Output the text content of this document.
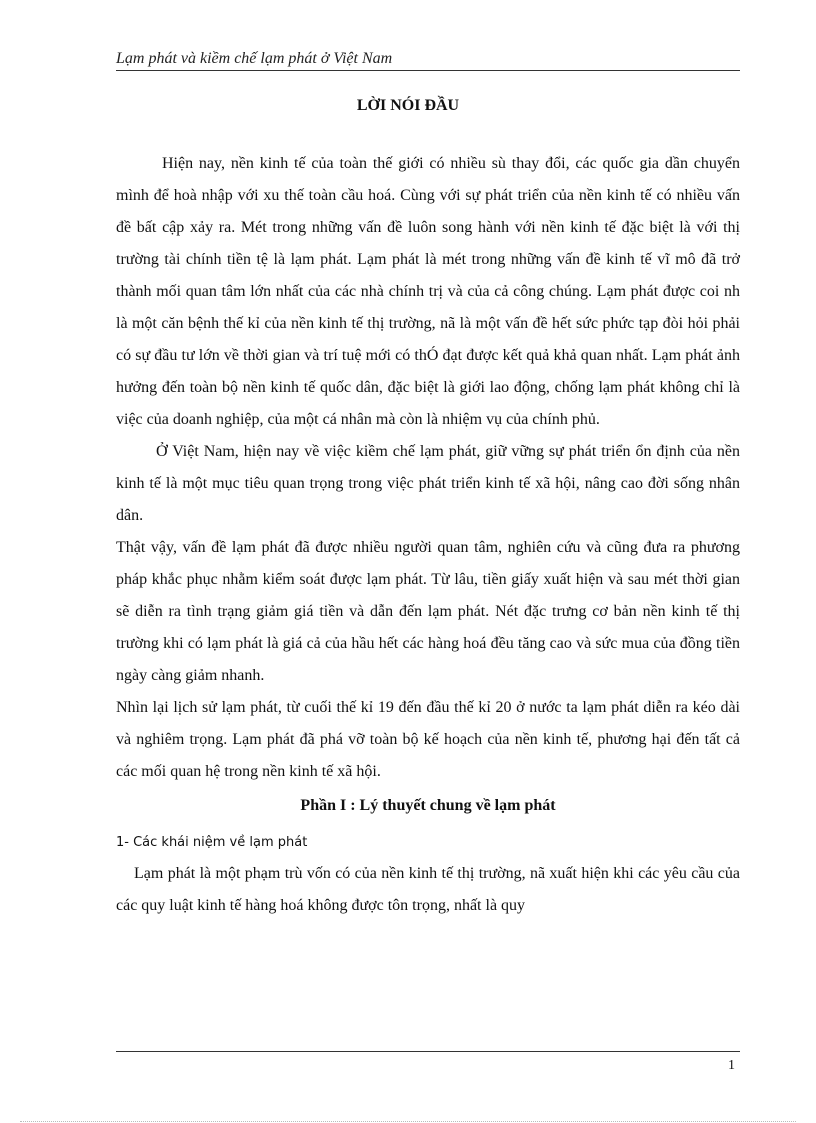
Lạm phát và kiềm chế lạm phát ở Việt Nam
LỜI NÓI ĐẦU

Hiện nay, nền kinh tế của toàn thế giới có nhiều sù thay đổi, các quốc gia dần chuyển mình để hoà nhập với xu thế toàn cầu hoá. Cùng với sự phát triển của nền kinh tế có nhiều vấn đề bất cập xảy ra. Mét trong những vấn đề luôn song hành với nền kinh tế đặc biệt là với thị trường tài chính tiền tệ là lạm phát. Lạm phát là mét trong những vấn đề kinh tế vĩ mô đã trở thành mối quan tâm lớn nhất của các nhà chính trị và của cả công chúng. Lạm phát được coi nh là một căn bệnh thế kỉ của nền kinh tế thị trường, nã là một vấn đề hết sức phức tạp đòi hỏi phải có sự đầu tư lớn về thời gian và trí tuệ mới có thÓ đạt được kết quả khả quan nhất. Lạm phát ảnh hưởng đến toàn bộ nền kinh tế quốc dân, đặc biệt là giới lao động, chống lạm phát không chỉ là việc của doanh nghiệp, của một cá nhân mà còn là nhiệm vụ của chính phủ.

Ở Việt Nam, hiện nay về việc kiềm chế lạm phát, giữ vững sự phát triển ổn định của nền kinh tế là một mục tiêu quan trọng trong việc phát triển kinh tế xã hội, nâng cao đời sống nhân dân.

Thật vậy, vấn đề lạm phát đã được nhiều người quan tâm, nghiên cứu và cũng đưa ra phương pháp khắc phục nhằm kiểm soát được lạm phát. Từ lâu, tiền giấy xuất hiện và sau mét thời gian sẽ diễn ra tình trạng giảm giá tiền và dẫn đến lạm phát. Nét đặc trưng cơ bản nền kinh tế thị trường khi có lạm phát là giá cả của hầu hết các hàng hoá đều tăng cao và sức mua của đồng tiền ngày càng giảm nhanh.

Nhìn lại lịch sử lạm phát, từ cuối thế kỉ 19 đến đầu thế kỉ 20 ở nước ta lạm phát diễn ra kéo dài và nghiêm trọng. Lạm phát đã phá vỡ toàn bộ kế hoạch của nền kinh tế, phương hại đến tất cả các mối quan hệ trong nền kinh tế xã hội.

Phần I : Lý thuyết chung về lạm phát

1- Các khái niệm về lạm phát

Lạm phát là một phạm trù vốn có của nền kinh tế thị trường, nã xuất hiện khi các yêu cầu của các quy luật kinh tế hàng hoá không được tôn trọng, nhất là quy

1
